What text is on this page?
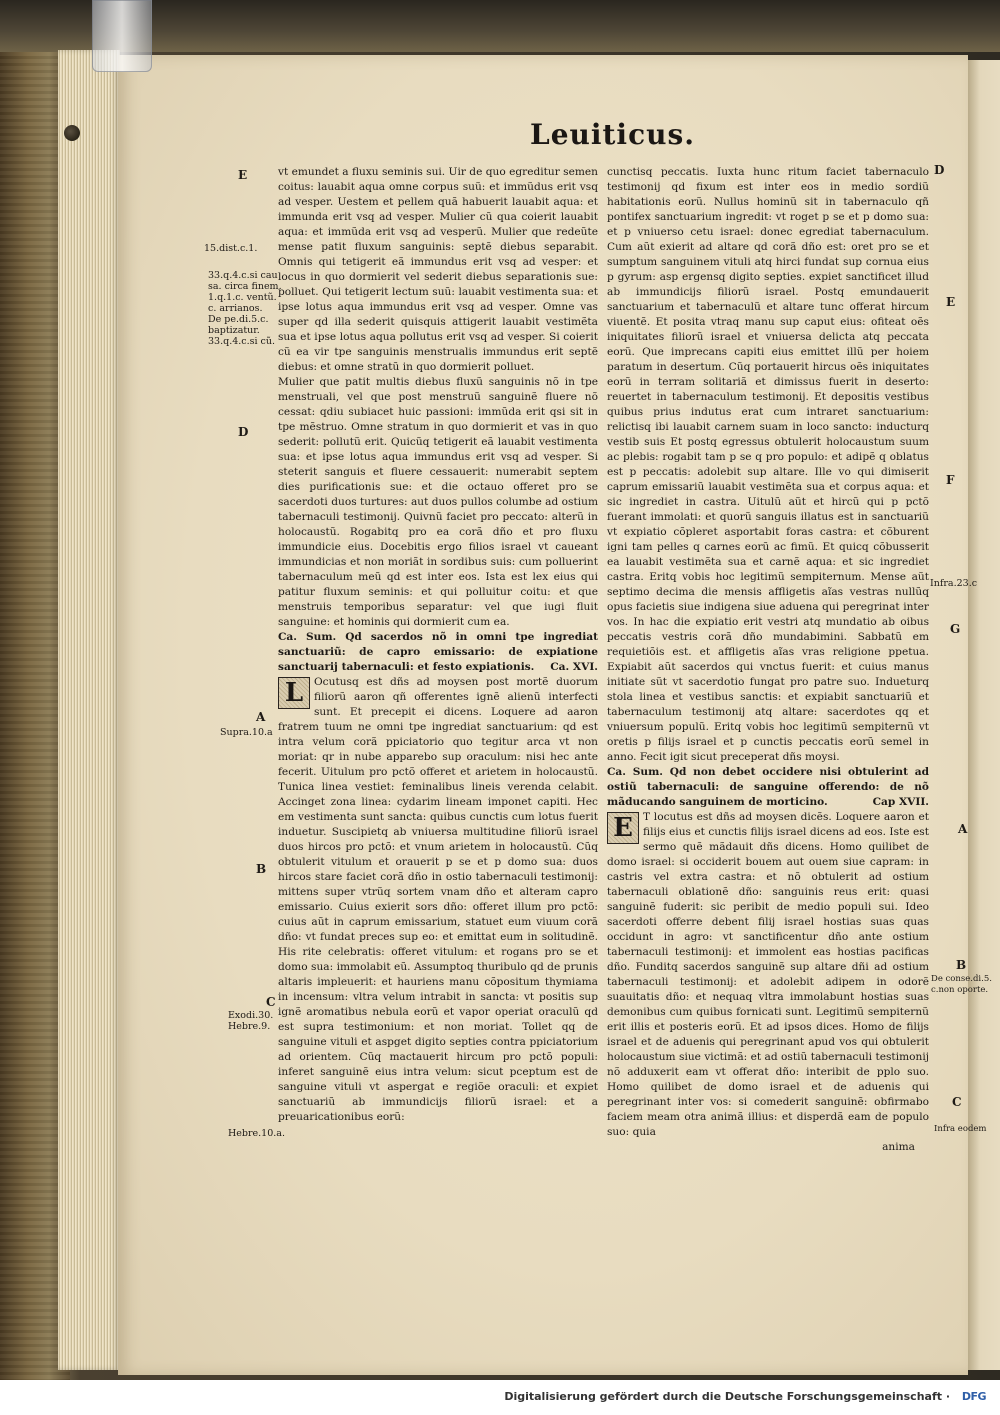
Leuiticus.
E
D
A
B
C
15.dist.c.1.
33.q.4.c.si cau
sa. circa finem.
1.q.1.c. ventũ.
c. arrianos.
De pe.di.5.c.
baptizatur.
33.q.4.c.si cũ.
Supra.10.a
Exodi.30.
Hebre.9.
Hebre.10.a.
D
E
F
G
A
B
C
Infra.23.c
De conse.di.5.
c.non oporte.
Infra eodem

vt emundet a fluxu seminis sui. Uir de quo egreditur semen coitus: lauabit aqua omne corpus suũ: et immũdus erit vsq ad vesper. Uestem et pellem quã habuerit lauabit aqua: et immunda erit vsq ad vesper. Mulier cũ qua coierit lauabit aqua: et immũda erit vsq ad vesperũ. Mulier que redeũte mense patit fluxum sanguinis: septẽ diebus separabit. Omnis qui tetigerit eã immundus erit vsq ad vesper: et locus in quo dormierit vel sederit diebus separationis sue: polluet. Qui tetigerit lectum suũ: lauabit vestimenta sua: et ipse lotus aqua immundus erit vsq ad vesper. Omne vas super qd illa sederit quisquis attigerit lauabit vestimẽta sua et ipse lotus aqua pollutus erit vsq ad vesper. Si coierit cũ ea vir tpe sanguinis menstrualis immundus erit septẽ diebus: et omne stratũ in quo dormierit polluet.

Mulier que patit multis diebus fluxũ sanguinis nõ in tpe menstruali, vel que post menstruũ sanguinẽ fluere nõ cessat: qdiu subiacet huic passioni: immũda erit qsi sit in tpe mẽstruo. Omne stratum in quo dormierit et vas in quo sederit: pollutũ erit. Quicũq tetigerit eã lauabit vestimenta sua: et ipse lotus aqua immundus erit vsq ad vesper. Si steterit sanguis et fluere cessauerit: numerabit septem dies purificationis sue: et die octauo offeret pro se sacerdoti duos turtures: aut duos pullos columbe ad ostium tabernaculi testimonij. Quivnũ faciet pro peccato: alterũ in holocaustũ. Rogabitq pro ea corã dño et pro fluxu immundicie eius. Docebitis ergo filios israel vt caueant immundicias et non moriãt in sordibus suis: cum polluerint tabernaculum meũ qd est inter eos. Ista est lex eius qui patitur fluxum seminis: et qui polluitur coitu: et que menstruis temporibus separatur: vel que iugi fluit sanguine: et hominis qui dormierit cum ea.

Ca. Sum. Qd sacerdos nõ in omni tpe ingrediat sanctuariũ: de capro emissario: de expiatione sanctuarij tabernaculi: et festo expiationis. Ca. XVI.

L	Ocutusq est dñs ad moysen post mortẽ duorum filiorũ aaron qñ offerentes ignẽ alienũ interfecti sunt. Et precepit ei dicens. Loquere ad aaron fratrem tuum ne omni tpe ingrediat sanctuarium: qd est intra velum corã ppiciatorio quo tegitur arca vt non moriat: qr in nube apparebo sup oraculum: nisi hec ante fecerit. Uitulum pro pctõ offeret et arietem in holocaustũ. Tunica linea vestiet: feminalibus lineis verenda celabit. Accinget zona linea: cydarim lineam imponet capiti. Hec em vestimenta sunt sancta: quibus cunctis cum lotus fuerit induetur. Suscipietq ab vniuersa multitudine filiorũ israel duos hircos pro pctõ: et vnum arietem in holocaustũ. Cũq obtulerit vitulum et orauerit p se et p domo sua: duos hircos stare faciet corã dño in ostio tabernaculi testimonij: mittens super vtrũq sortem vnam dño et alteram capro emissario. Cuius exierit sors dño: offeret illum pro pctõ: cuius aũt in caprum emissarium, statuet eum viuum corã dño: vt fundat preces sup eo: et emittat eum in solitudinẽ. His rite celebratis: offeret vitulum: et rogans pro se et domo sua: immolabit eũ. Assumptoq thuribulo qd de prunis altaris impleuerit: et hauriens manu cõpositum thymiama in incensum: vltra velum intrabit in sancta: vt positis sup ignẽ aromatibus nebula eorũ et vapor operiat oraculũ qd est supra testimonium: et non moriat. Tollet qq de sanguine vituli et aspget digito septies contra ppiciatorium ad orientem. Cũq mactauerit hircum pro pctõ populi: inferet sanguinẽ eius intra velum: sicut pceptum est de sanguine vituli vt aspergat e regiõe oraculi: et expiet sanctuariũ ab immundicijs filiorũ israel: et a preuaricationibus eorũ:

cunctisq peccatis. Iuxta hunc ritum faciet tabernaculo testimonij qd fixum est inter eos in medio sordiũ habitationis eorũ. Nullus hominũ sit in tabernaculo qñ pontifex sanctuarium ingredit: vt roget p se et p domo sua: et p vniuerso cetu israel: donec egrediat tabernaculum. Cum aũt exierit ad altare qd corã dño est: oret pro se et sumptum sanguinem vituli atq hirci fundat sup cornua eius p gyrum: asp ergensq digito septies. expiet sanctificet illud ab immundicijs filiorũ israel. Postq emundauerit sanctuarium et tabernaculũ et altare tunc offerat hircum viuentẽ. Et posita vtraq manu sup caput eius: ofiteat oẽs iniquitates filiorũ israel et vniuersa delicta atq peccata eorũ. Que imprecans capiti eius emittet illũ per hoiem paratum in desertum. Cũq portauerit hircus oẽs iniquitates eorũ in terram solitariã et dimissus fuerit in deserto: reuertet in tabernaculum testimonij. Et depositis vestibus quibus prius indutus erat cum intraret sanctuarium: relictisq ibi lauabit carnem suam in loco sancto: inducturq vestib suis Et postq egressus obtulerit holocaustum suum ac plebis: rogabit tam p se q pro populo: et adipẽ q oblatus est p peccatis: adolebit sup altare. Ille vo qui dimiserit caprum emissariũ lauabit vestimẽta sua et corpus aqua: et sic ingrediet in castra. Uitulũ aũt et hircũ qui p pctõ fuerant immolati: et quorũ sanguis illatus est in sanctuariũ vt expiatio cõpleret asportabit foras castra: et cõburent igni tam pelles q carnes eorũ ac fimũ. Et quicq cõbusserit ea lauabit vestimẽta sua et carnẽ aqua: et sic ingrediet castra. Eritq vobis hoc legitimũ sempiternum. Mense aũt septimo decima die mensis affligetis aĩas vestras nullũq opus facietis siue indigena siue aduena qui peregrinat inter vos. In hac die expiatio erit vestri atq mundatio ab oibus peccatis vestris corã dño mundabimini. Sabbatũ em requietiõis est. et affligetis aĩas vras religione ppetua. Expiabit aũt sacerdos qui vnctus fuerit: et cuius manus initiate sũt vt sacerdotio fungat pro patre suo. Indueturq stola linea et vestibus sanctis: et expiabit sanctuariũ et tabernaculum testimonij atq altare: sacerdotes qq et vniuersum populũ. Eritq vobis hoc legitimũ sempiternũ vt oretis p filijs israel et p cunctis peccatis eorũ semel in anno. Fecit igit sicut preceperat dñs moysi.

Ca. Sum. Qd non debet occidere nisi obtulerint ad ostiũ tabernaculi: de sanguine offerendo: de nõ mãducando sanguinem de morticino.	Cap XVII.

E T locutus est dñs ad moysen dicẽs. Loquere aaron et filijs eius et cunctis filijs israel dicens ad eos. Iste est sermo quẽ mãdauit dñs dicens. Homo quilibet de domo israel: si occiderit bouem aut ouem siue capram: in castris vel extra castra: et nõ obtulerit ad ostium tabernaculi oblationẽ dño: sanguinis reus erit: quasi sanguinẽ fuderit: sic peribit de medio populi sui. Ideo sacerdoti offerre debent filij israel hostias suas quas occidunt in agro: vt sanctificentur dño ante ostium tabernaculi testimonij: et immolent eas hostias pacificas dño. Funditq sacerdos sanguinẽ sup altare dñi ad ostium tabernaculi testimonij: et adolebit adipem in odorẽ suauitatis dño: et nequaq vltra immolabunt hostias suas demonibus cum quibus fornicati sunt. Legitimũ sempiternũ erit illis et posteris eorũ. Et ad ipsos dices. Homo de filijs israel et de aduenis qui peregrinant apud vos qui obtulerit holocaustum siue victimã: et ad ostiũ tabernaculi testimonij nõ adduxerit eam vt offerat dño: interibit de pplo suo. Homo quilibet de domo israel et de aduenis qui peregrinant inter vos: si comederit sanguinẽ: obfirmabo faciem meam otra animã illius: et disperdã eam de populo suo: quia

anima

Digitalisierung gefördert durch die Deutsche Forschungsgemeinschaft ·	DFG
